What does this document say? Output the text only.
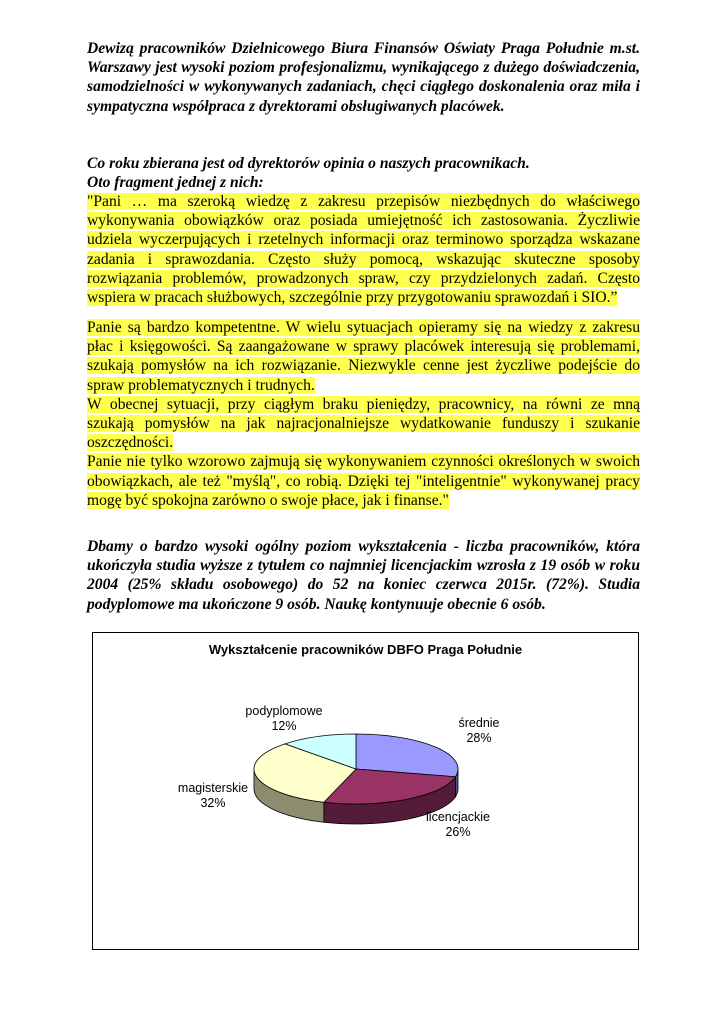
Dewizą pracowników Dzielnicowego Biura Finansów Oświaty Praga Południe m.st. Warszawy jest wysoki poziom profesjonalizmu, wynikającego z dużego doświadczenia, samodzielności w wykonywanych zadaniach, chęci ciągłego doskonalenia oraz miła i sympatyczna współpraca z dyrektorami obsługiwanych placówek.

Co roku zbierana jest od dyrektorów opinia o naszych pracownikach.
Oto fragment jednej z nich:

"Pani … ma szeroką wiedzę z zakresu przepisów niezbędnych do właściwego wykonywania obowiązków oraz posiada umiejętność ich zastosowania. Życzliwie udziela wyczerpujących i rzetelnych informacji oraz terminowo sporządza wskazane zadania i sprawozdania. Często służy pomocą, wskazując skuteczne sposoby rozwiązania problemów, prowadzonych spraw, czy przydzielonych zadań. Często wspiera w pracach służbowych, szczególnie przy przygotowaniu sprawozdań i SIO.”

Panie są bardzo kompetentne. W wielu sytuacjach opieramy się na wiedzy z zakresu płac i księgowości. Są zaangażowane w sprawy placówek interesują się problemami, szukają pomysłów na ich rozwiązanie. Niezwykle cenne jest życzliwe podejście do spraw problematycznych i trudnych.
W obecnej sytuacji, przy ciągłym braku pieniędzy, pracownicy, na równi ze mną szukają pomysłów na jak najracjonalniejsze wydatkowanie funduszy i szukanie oszczędności.
Panie nie tylko wzorowo zajmują się wykonywaniem czynności określonych w swoich obowiązkach, ale też "myślą", co robią. Dzięki tej "inteligentnie" wykonywanej pracy mogę być spokojna zarówno o swoje płace, jak i finanse."

Dbamy o bardzo wysoki ogólny poziom wykształcenia - liczba pracowników, która ukończyła studia wyższe z tytułem co najmniej licencjackim wzrosła z 19 osób w roku 2004 (25% składu osobowego) do 52 na koniec czerwca 2015r. (72%). Studia podyplomowe ma ukończone 9 osób. Naukę kontynuuje obecnie 6 osób.

Wykształcenie pracowników DBFO Praga Południe
podyplomowe
12%	średnie
28%
magisterskie
32%
licencjackie
26%
